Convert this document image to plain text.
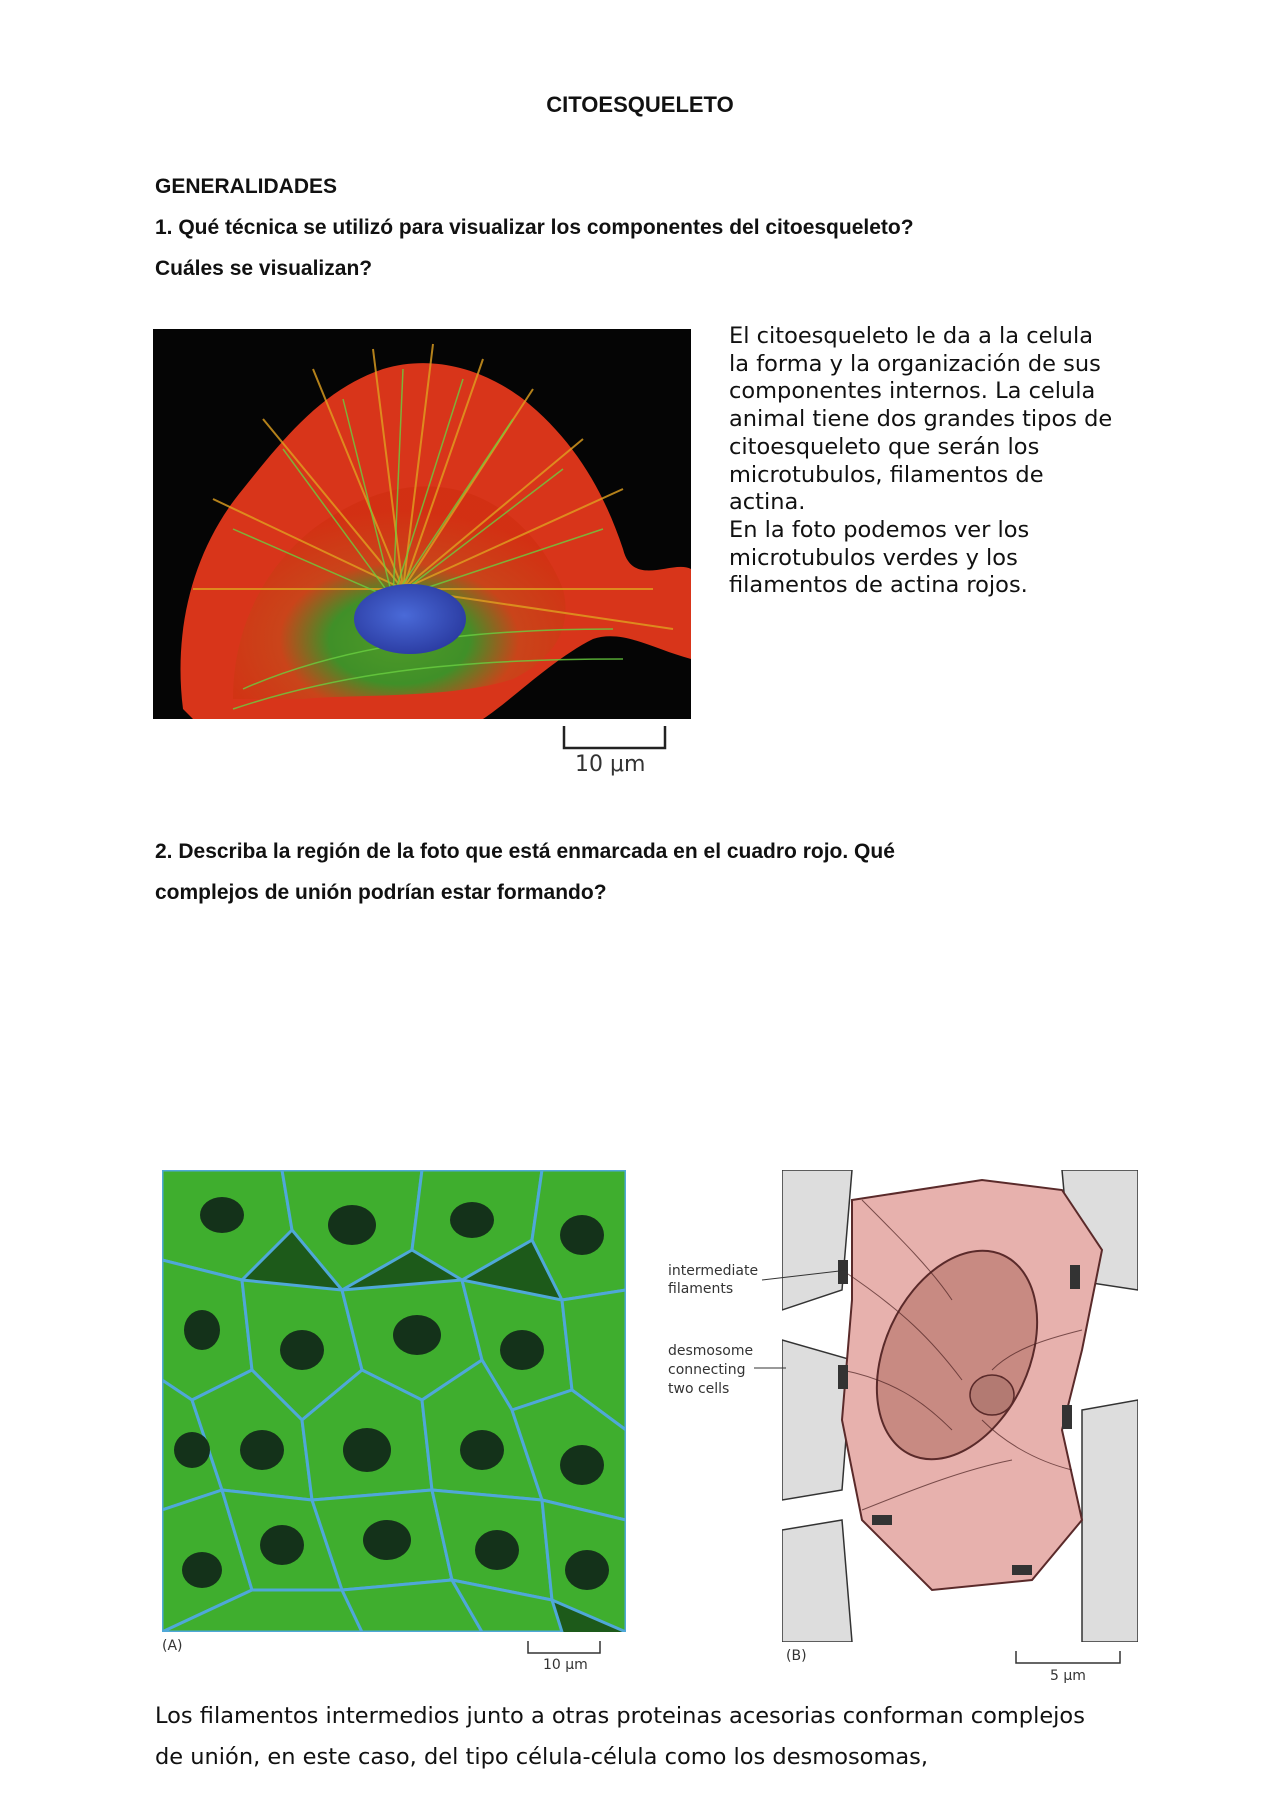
CITOESQUELETO
GENERALIDADES
1. Qué técnica se utilizó para visualizar los componentes del citoesqueleto?
Cuáles se visualizan?
10 μm

El citoesqueleto le da a la celula

la forma y la organización de sus

componentes internos. La celula

animal tiene dos grandes tipos de

citoesqueleto que serán los

microtubulos, filamentos de

actina.

En la foto podemos ver los

microtubulos verdes y los

filamentos de actina rojos.

2. Describa la región de la foto que está enmarcada en el cuadro rojo. Qué
complejos de unión podrían estar formando?
(A)
10 μm
intermediate
filaments
desmosome
connecting
two cells
(B)
5 μm

Los filamentos intermedios junto a otras proteinas acesorias conforman complejos

de unión, en este caso, del tipo célula-célula como los desmosomas,
